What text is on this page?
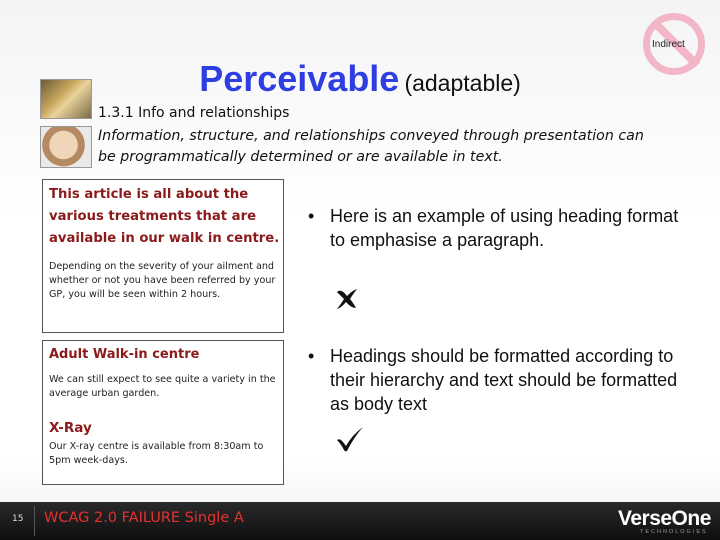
Indirect
Perceivable (adaptable)
1.3.1 Info and relationships
Information, structure, and relationships conveyed through presentation can be programmatically determined or are available in text.
This article is all about the various treatments that are available in our walk in centre.
Depending on the severity of your ailment and whether or not you have been referred by your GP, you will be seen within 2 hours.
Adult Walk-in centre
We can still expect to see quite a variety in the average urban garden.
X-Ray
Our X-ray centre is available from 8:30am to 5pm week-days.
• Here is an example of using heading format to emphasise a paragraph.
• Headings should be formatted according to their hierarchy and text should be formatted as body text
15 WCAG 2.0 FAILURE Single A	VerseOne
TECHNOLOGIES
